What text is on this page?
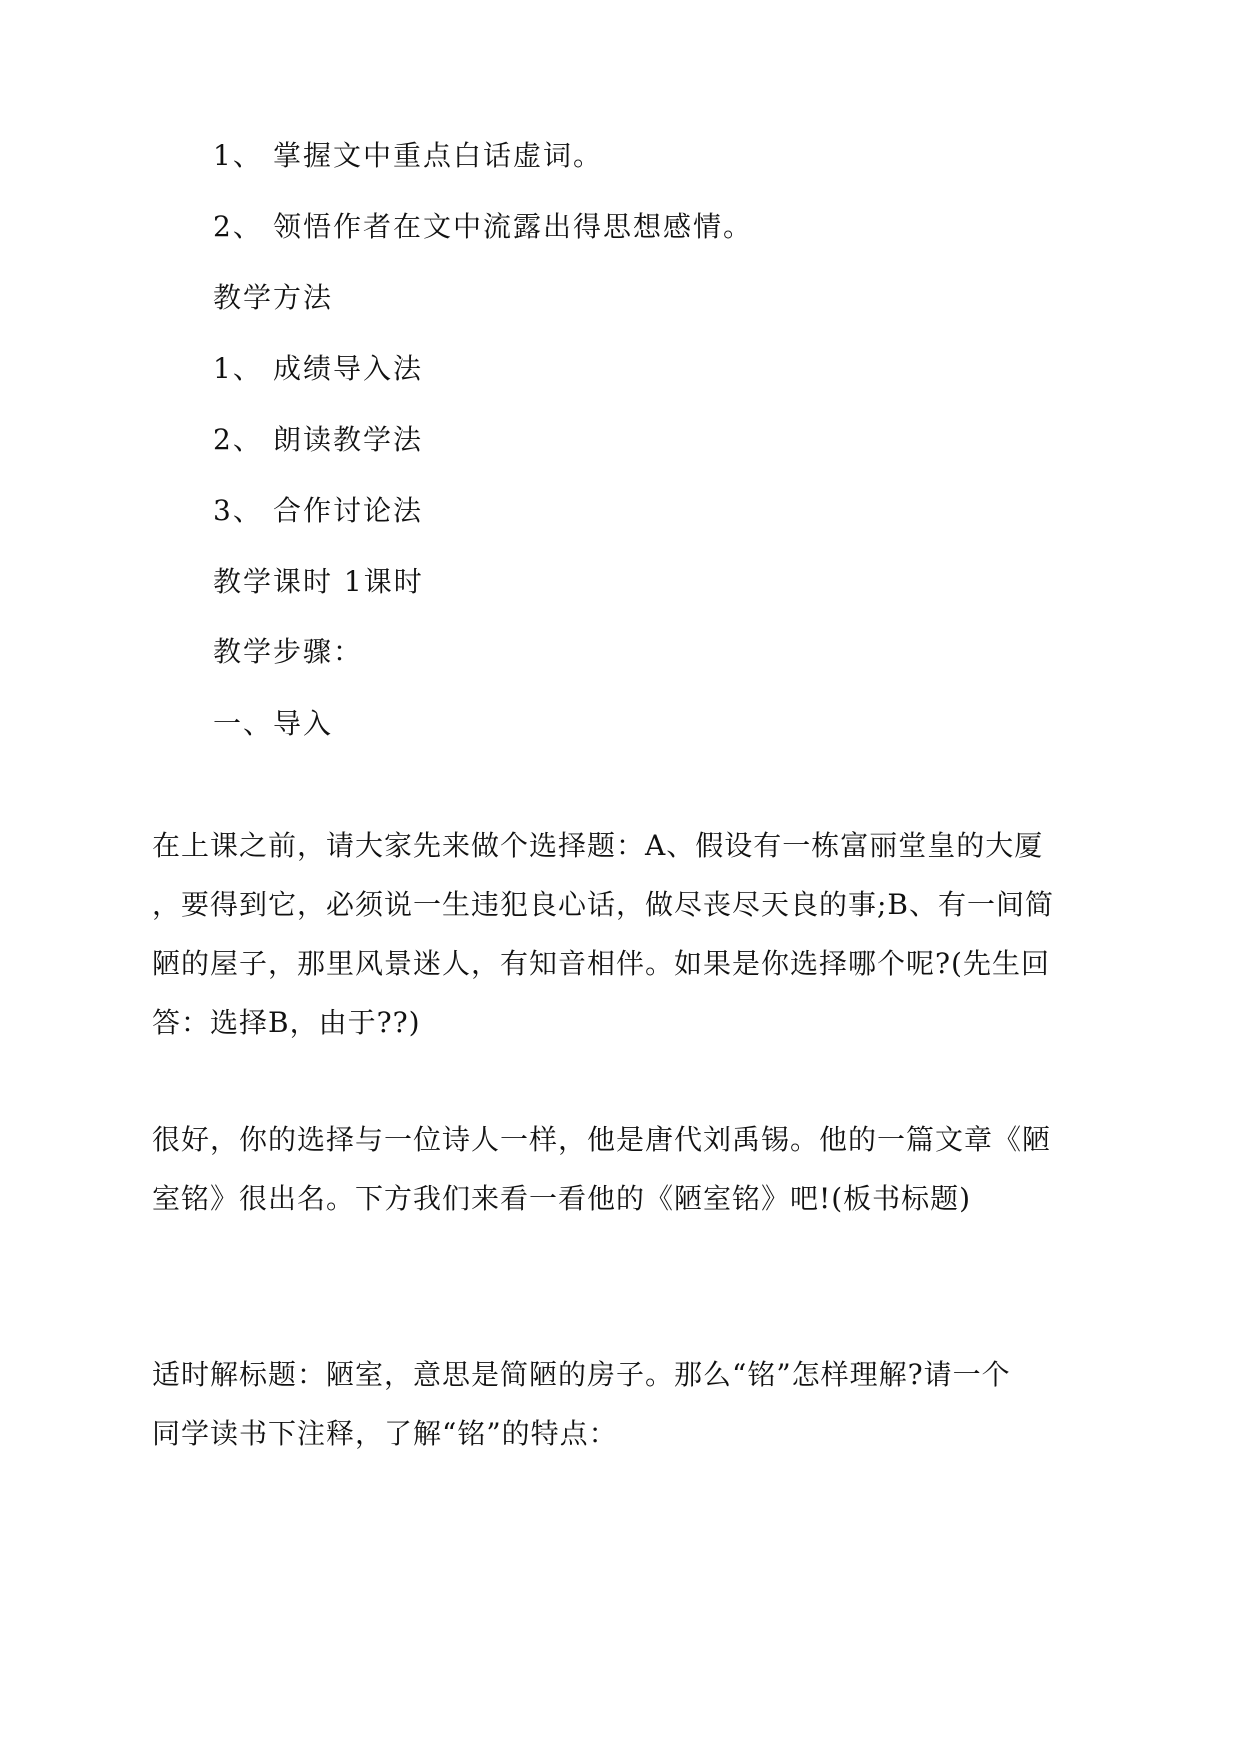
1、 掌握文中重点白话虚词。
2、 领悟作者在文中流露出得思想感情。
教学方法
1、 成绩导入法
2、 朗读教学法
3、 合作讨论法
教学课时 1课时
教学步骤：
一、导入
在上课之前，请大家先来做个选择题：A、假设有一栋富丽堂皇的大厦
，要得到它，必须说一生违犯良心话，做尽丧尽天良的事;B、有一间简
陋的屋子，那里风景迷人，有知音相伴。如果是你选择哪个呢?(先生回
答：选择B，由于??)
很好，你的选择与一位诗人一样，他是唐代刘禹锡。他的一篇文章《陋
室铭》很出名。下方我们来看一看他的《陋室铭》吧!(板书标题)
适时解标题：陋室，意思是简陋的房子。那么“铭”怎样理解?请一个
同学读书下注释，了解“铭”的特点：
